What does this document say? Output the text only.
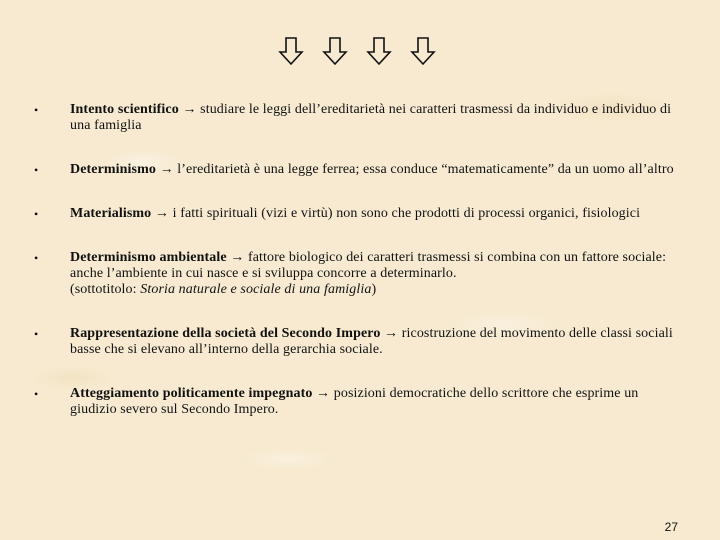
• Intento scientifico → studiare le leggi dell’ereditarietà nei caratteri trasmessi da individuo e individuo di una famiglia
• Determinismo → l’ereditarietà è una legge ferrea; essa conduce “matematicamente” da un uomo all’altro
• Materialismo → i fatti spirituali (vizi e virtù) non sono che prodotti di processi organici, fisiologici
• Determinismo ambientale → fattore biologico dei caratteri trasmessi si combina con un fattore sociale: anche l’ambiente in cui nasce e si sviluppa concorre a determinarlo.
(sottotitolo: Storia naturale e sociale di una famiglia)
• Rappresentazione della società del Secondo Impero → ricostruzione del movimento delle classi sociali basse che si elevano all’interno della gerarchia sociale.
• Atteggiamento politicamente impegnato → posizioni democratiche dello scrittore che esprime un giudizio severo sul Secondo Impero.
27
